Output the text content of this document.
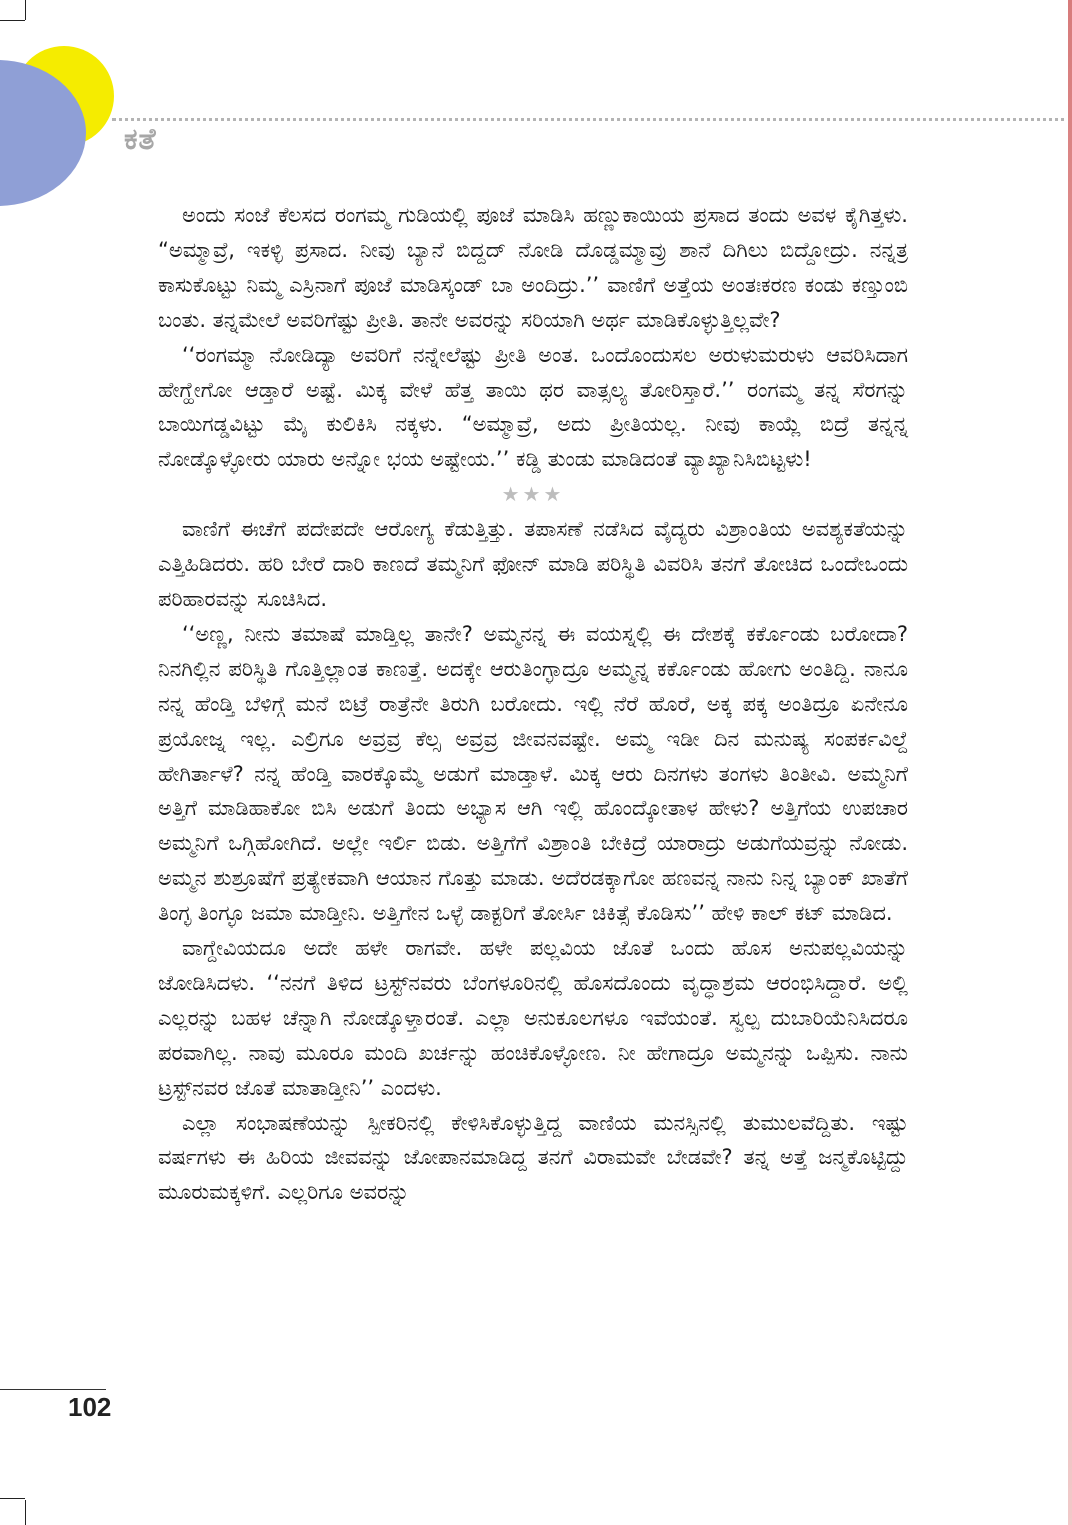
ಕತೆ

ಅಂದು ಸಂಜೆ ಕೆಲಸದ ರಂಗಮ್ಮ ಗುಡಿಯಲ್ಲಿ ಪೂಜೆ ಮಾಡಿಸಿ ಹಣ್ಣುಕಾಯಿಯ ಪ್ರಸಾದ ತಂದು ಅವಳ ಕೈಗಿತ್ತಳು. “ಅಮ್ಮಾವ್ರೆ, ಇಕಳ್ಳಿ ಪ್ರಸಾದ. ನೀವು ಬ್ಯಾನೆ ಬಿದ್ದದ್ ನೋಡಿ ದೊಡ್ಡಮ್ಮಾವ್ರು ಶಾನೆ ದಿಗಿಲು ಬಿದ್ದೋದ್ರು. ನನ್ನತ್ರ ಕಾಸುಕೊಟ್ಟು ನಿಮ್ಮ ಎಸ್ರಿನಾಗೆ ಪೂಜೆ ಮಾಡಿಸ್ಕಂಡ್ ಬಾ ಅಂದಿದ್ರು.’’ ವಾಣಿಗೆ ಅತ್ತೆಯ ಅಂತಃಕರಣ ಕಂಡು ಕಣ್ತುಂಬಿ ಬಂತು. ತನ್ನಮೇಲೆ ಅವರಿಗೆಷ್ಟು ಪ್ರೀತಿ. ತಾನೇ ಅವರನ್ನು ಸರಿಯಾಗಿ ಅರ್ಥ ಮಾಡಿಕೊಳ್ಳುತ್ತಿಲ್ಲವೇ?

‘‘ರಂಗಮ್ಮಾ ನೋಡಿದ್ಯಾ ಅವರಿಗೆ ನನ್ನೇಲೆಷ್ಟು ಪ್ರೀತಿ ಅಂತ. ಒಂದೊಂದುಸಲ ಅರುಳುಮರುಳು ಆವರಿಸಿದಾಗ ಹೇಗ್ಹೇಗೋ ಆಡ್ತಾರೆ ಅಷ್ಟೆ. ಮಿಕ್ಕ ವೇಳೆ ಹೆತ್ತ ತಾಯಿ ಥರ ವಾತ್ಸಲ್ಯ ತೋರಿಸ್ತಾರೆ.’’ ರಂಗಮ್ಮ ತನ್ನ ಸೆರಗನ್ನು ಬಾಯಿಗಡ್ಡವಿಟ್ಟು ಮೈ ಕುಲಿಕಿಸಿ ನಕ್ಕಳು. “ಅಮ್ಮಾವ್ರೆ, ಅದು ಪ್ರೀತಿಯಲ್ಲ. ನೀವು ಕಾಯ್ಲೆ ಬಿದ್ರೆ ತನ್ನನ್ನ ನೋಡ್ಕೊಳ್ಳೋರು ಯಾರು ಅನ್ನೋ ಭಯ ಅಷ್ಟೇಯ.’’ ಕಡ್ಡಿ ತುಂಡು ಮಾಡಿದಂತೆ ವ್ಯಾಖ್ಯಾನಿಸಿಬಿಟ್ಟಳು!

★★★

ವಾಣಿಗೆ ಈಚೆಗೆ ಪದೇಪದೇ ಆರೋಗ್ಯ ಕೆಡುತ್ತಿತ್ತು. ತಪಾಸಣೆ ನಡೆಸಿದ ವೈದ್ಯರು ವಿಶ್ರಾಂತಿಯ ಅವಶ್ಯಕತೆಯನ್ನು ಎತ್ತಿಹಿಡಿದರು. ಹರಿ ಬೇರೆ ದಾರಿ ಕಾಣದೆ ತಮ್ಮನಿಗೆ ಫೋನ್ ಮಾಡಿ ಪರಿಸ್ಥಿತಿ ವಿವರಿಸಿ ತನಗೆ ತೋಚಿದ ಒಂದೇಒಂದು ಪರಿಹಾರವನ್ನು ಸೂಚಿಸಿದ.

‘‘ಅಣ್ಣ, ನೀನು ತಮಾಷೆ ಮಾಡ್ತಿಲ್ಲ ತಾನೇ? ಅಮ್ಮನನ್ನ ಈ ವಯಸ್ನಲ್ಲಿ ಈ ದೇಶಕ್ಕೆ ಕರ್ಕೊಂಡು ಬರೋದಾ? ನಿನಗಿಲ್ಲಿನ ಪರಿಸ್ಥಿತಿ ಗೊತ್ತಿಲ್ಲಾಂತ ಕಾಣತ್ತೆ. ಅದಕ್ಕೇ ಆರುತಿಂಗ್ಳಾದ್ರೂ ಅಮ್ಮನ್ನ ಕರ್ಕೊಂಡು ಹೋಗು ಅಂತಿದ್ದಿ. ನಾನೂ ನನ್ನ ಹೆಂಡ್ತಿ ಬೆಳಿಗ್ಗೆ ಮನೆ ಬಿಟ್ರೆ ರಾತ್ರೆನೇ ತಿರುಗಿ ಬರೋದು. ಇಲ್ಲಿ ನೆರೆ ಹೊರೆ, ಅಕ್ಕ ಪಕ್ಕ ಅಂತಿದ್ರೂ ಏನೇನೂ ಪ್ರಯೋಜ್ನ ಇಲ್ಲ. ಎಲ್ರಿಗೂ ಅವ್ರವ್ರ ಕೆಲ್ಸ ಅವ್ರವ್ರ ಜೀವನವಷ್ಟೇ. ಅಮ್ಮ ಇಡೀ ದಿನ ಮನುಷ್ಯ ಸಂಪರ್ಕವಿಲ್ದೆ ಹೇಗಿರ್ತಾಳೆ? ನನ್ನ ಹೆಂಡ್ತಿ ವಾರಕ್ಕೊಮ್ಮೆ ಅಡುಗೆ ಮಾಡ್ತಾಳೆ. ಮಿಕ್ಕ ಆರು ದಿನಗಳು ತಂಗಳು ತಿಂತೀವಿ. ಅಮ್ಮನಿಗೆ ಅತ್ತಿಗೆ ಮಾಡಿಹಾಕೋ ಬಿಸಿ ಅಡುಗೆ ತಿಂದು ಅಭ್ಯಾಸ ಆಗಿ ಇಲ್ಲಿ ಹೊಂದ್ಕೋತಾಳ ಹೇಳು? ಅತ್ತಿಗೆಯ ಉಪಚಾರ ಅಮ್ಮನಿಗೆ ಒಗ್ಗಿಹೋಗಿದೆ. ಅಲ್ಲೇ ಇರ್ಲಿ ಬಿಡು. ಅತ್ತಿಗೆಗೆ ವಿಶ್ರಾಂತಿ ಬೇಕಿದ್ರೆ ಯಾರಾದ್ರು ಅಡುಗೆಯವ್ರನ್ನು ನೋಡು. ಅಮ್ಮನ ಶುಶ್ರೂಷೆಗೆ ಪ್ರತ್ಯೇಕವಾಗಿ ಆಯಾನ ಗೊತ್ತು ಮಾಡು. ಅದೆರಡಕ್ಕಾಗೋ ಹಣವನ್ನ ನಾನು ನಿನ್ನ ಬ್ಯಾಂಕ್ ಖಾತೆಗೆ ತಿಂಗ್ಳ ತಿಂಗ್ಳೂ ಜಮಾ ಮಾಡ್ತೀನಿ. ಅತ್ತಿಗೇನ ಒಳ್ಳೆ ಡಾಕ್ಟರಿಗೆ ತೋರ್ಸಿ ಚಿಕಿತ್ಸೆ ಕೊಡಿಸು’’ ಹೇಳಿ ಕಾಲ್ ಕಟ್ ಮಾಡಿದ.

ವಾಗ್ದೇವಿಯದೂ ಅದೇ ಹಳೇ ರಾಗವೇ. ಹಳೇ ಪಲ್ಲವಿಯ ಜೊತೆ ಒಂದು ಹೊಸ ಅನುಪಲ್ಲವಿಯನ್ನು ಜೋಡಿಸಿದಳು. ‘‘ನನಗೆ ತಿಳಿದ ಟ್ರಸ್ಟ್‌ನವರು ಬೆಂಗಳೂರಿನಲ್ಲಿ ಹೊಸದೊಂದು ವೃದ್ಧಾಶ್ರಮ ಆರಂಭಿಸಿದ್ದಾರೆ. ಅಲ್ಲಿ ಎಲ್ಲರನ್ನು ಬಹಳ ಚೆನ್ನಾಗಿ ನೋಡ್ಕೊಳ್ತಾರಂತೆ. ಎಲ್ಲಾ ಅನುಕೂಲಗಳೂ ಇವೆಯಂತೆ. ಸ್ವಲ್ಪ ದುಬಾರಿಯೆನಿಸಿದರೂ ಪರವಾಗಿಲ್ಲ. ನಾವು ಮೂರೂ ಮಂದಿ ಖರ್ಚನ್ನು ಹಂಚಿಕೊಳ್ಳೋಣ. ನೀ ಹೇಗಾದ್ರೂ ಅಮ್ಮನನ್ನು ಒಪ್ಪಿಸು. ನಾನು ಟ್ರಸ್ಟ್‌ನವರ ಜೊತೆ ಮಾತಾಡ್ತೀನಿ’’ ಎಂದಳು.

ಎಲ್ಲಾ ಸಂಭಾಷಣೆಯನ್ನು ಸ್ಪೀಕರಿನಲ್ಲಿ ಕೇಳಿಸಿಕೊಳ್ಳುತ್ತಿದ್ದ ವಾಣಿಯ ಮನಸ್ಸಿನಲ್ಲಿ ತುಮುಲವೆದ್ದಿತು. ಇಷ್ಟು ವರ್ಷಗಳು ಈ ಹಿರಿಯ ಜೀವವನ್ನು ಜೋಪಾನಮಾಡಿದ್ದ ತನಗೆ ವಿರಾಮವೇ ಬೇಡವೇ? ತನ್ನ ಅತ್ತೆ ಜನ್ಮಕೊಟ್ಟಿದ್ದು ಮೂರುಮಕ್ಕಳಿಗೆ. ಎಲ್ಲರಿಗೂ ಅವರನ್ನು

102
